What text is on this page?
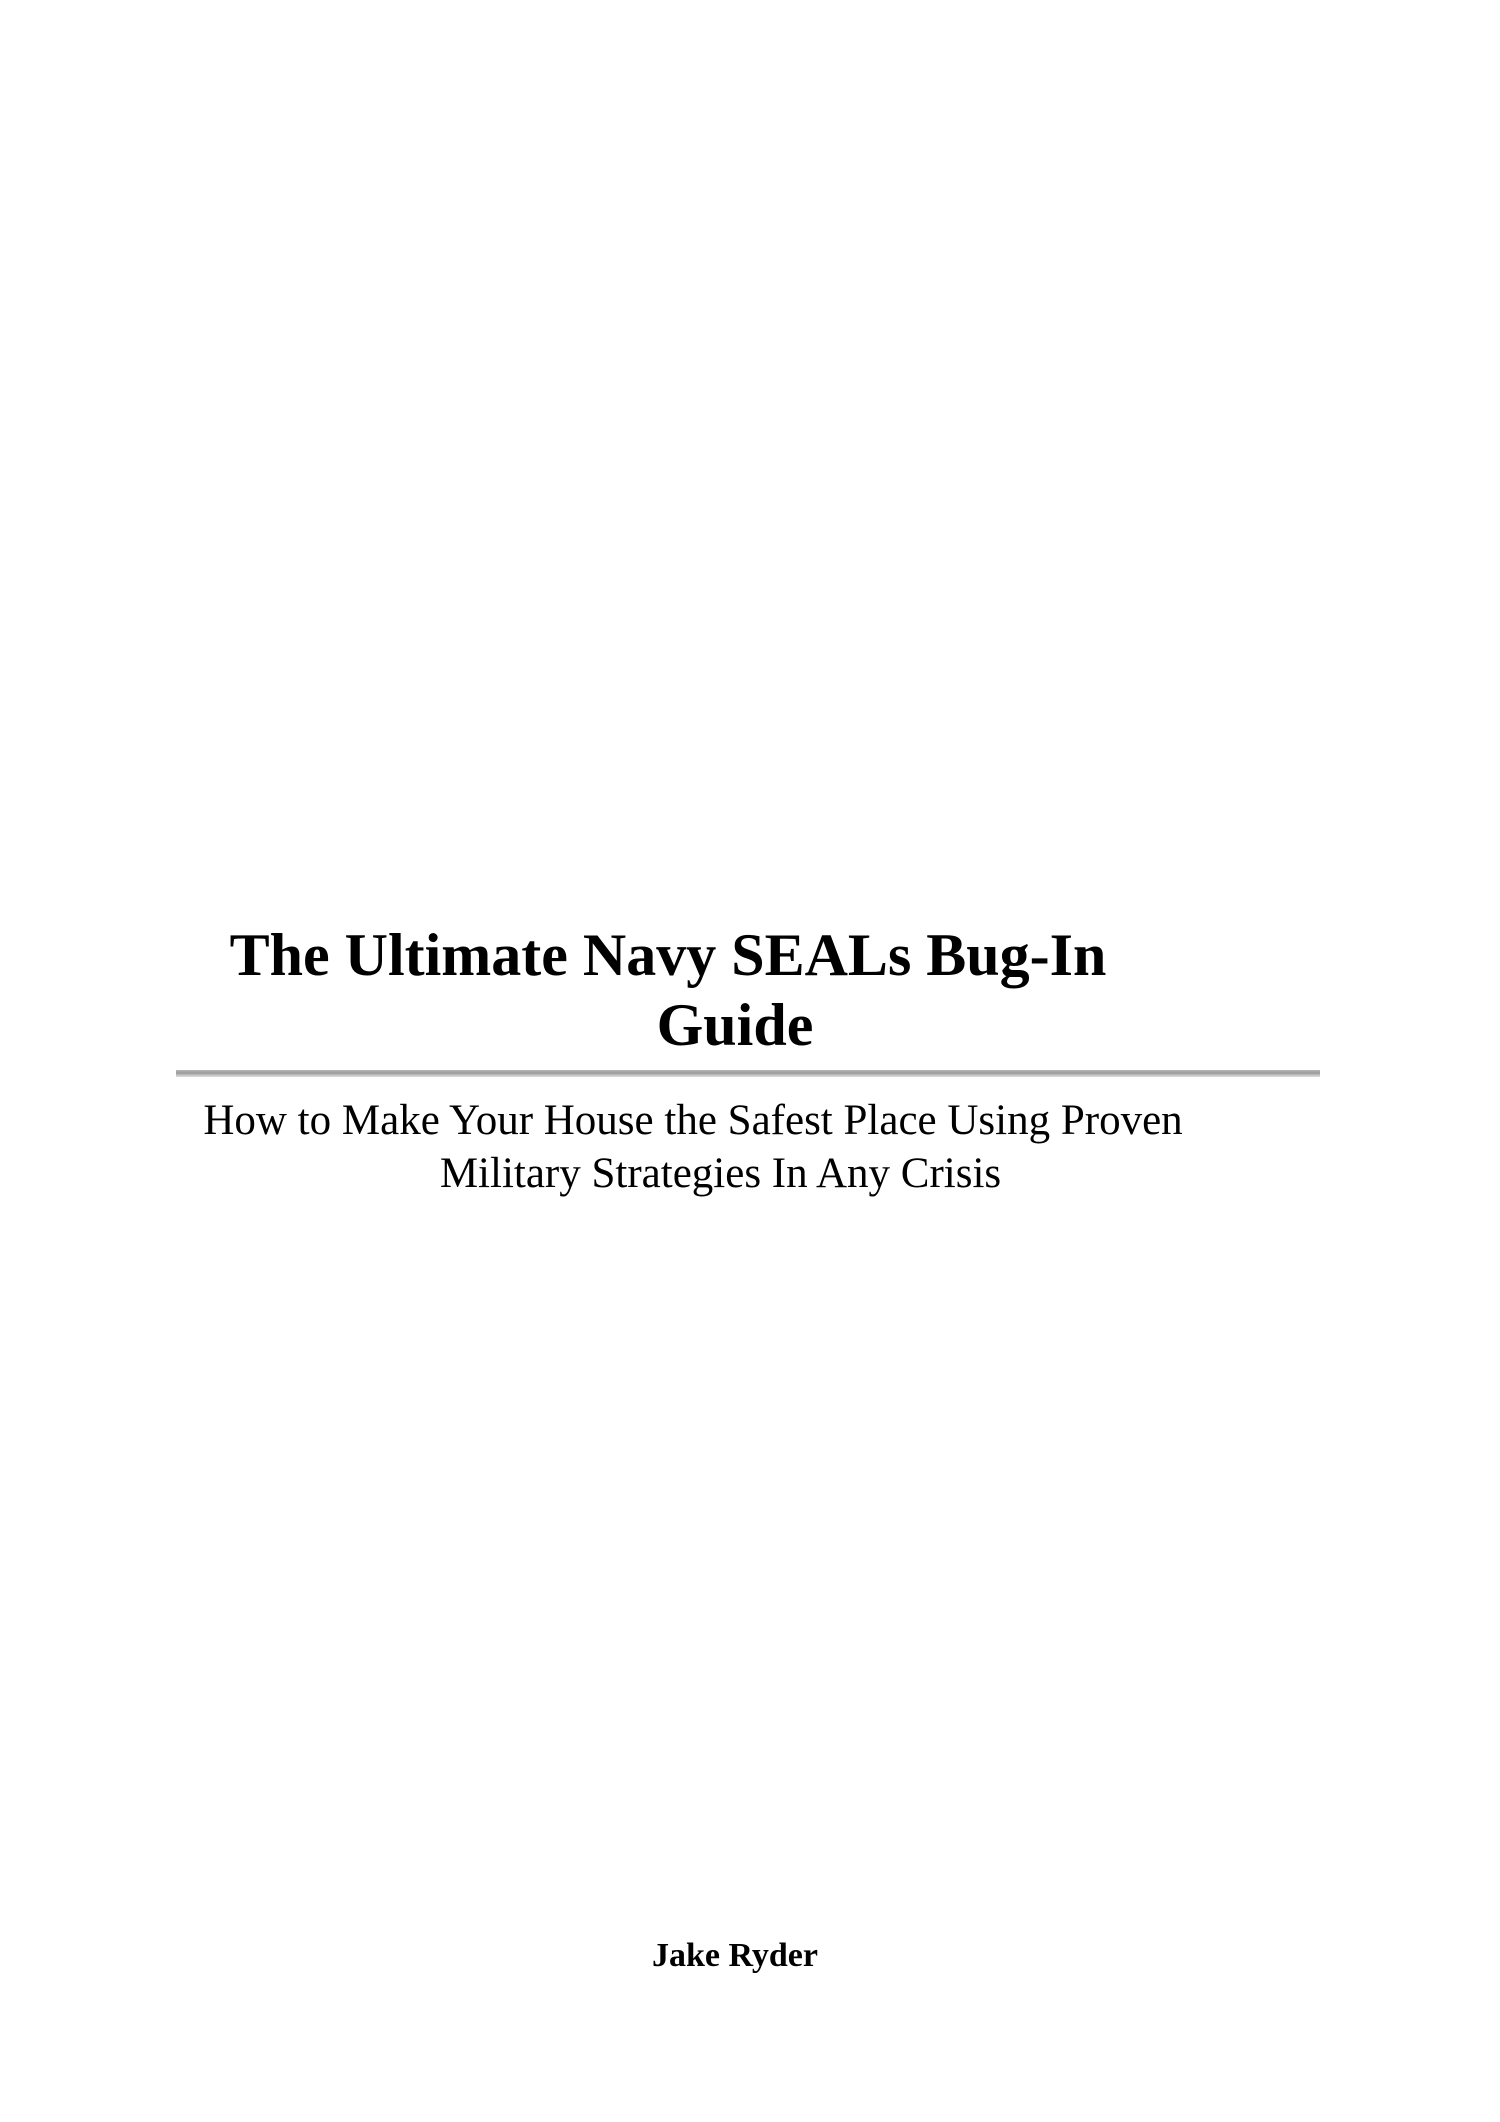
The Ultimate Navy SEALs Bug-In
Guide
How to Make Your House the Safest Place Using Proven
Military Strategies In Any Crisis

Jake Ryder
